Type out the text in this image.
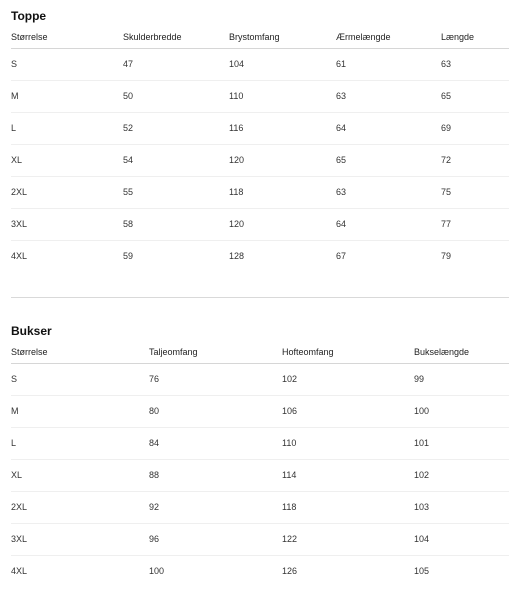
Toppe
Størrelse	Skulderbredde	Brystomfang	Ærmelængde	Længde
S	47	104	61	63
M	50	110	63	65
L	52	116	64	69
XL	54	120	65	72
2XL	55	118	63	75
3XL	58	120	64	77
4XL	59	128	67	79
Bukser
Størrelse	Taljeomfang	Hofteomfang	Bukselængde
S	76	102	99
M	80	106	100
L	84	110	101
XL	88	114	102
2XL	92	118	103
3XL	96	122	104
4XL	100	126	105
